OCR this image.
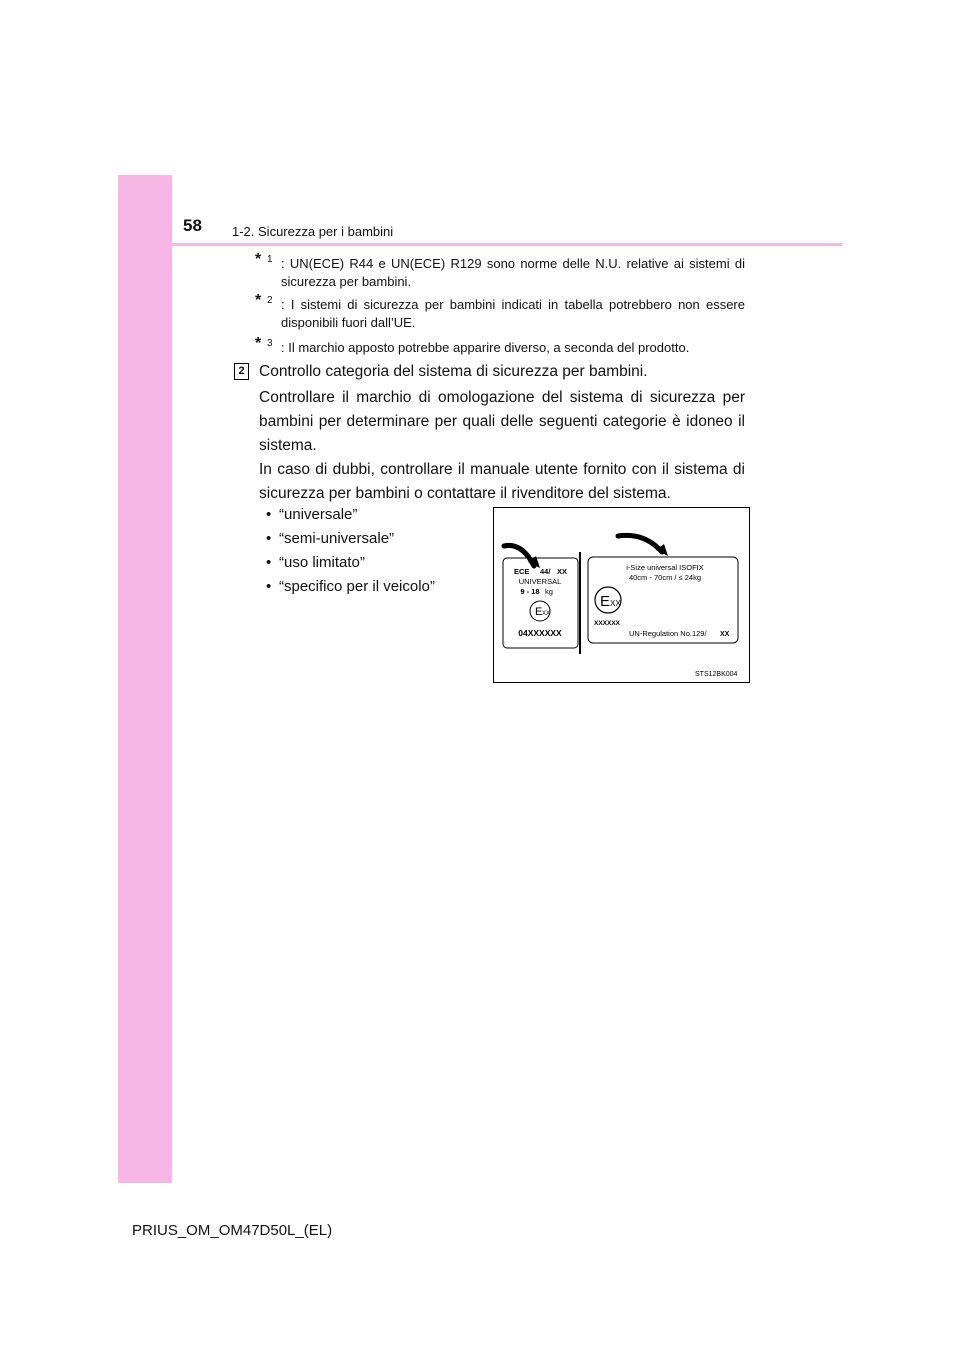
58 1-2. Sicurezza per i bambini
* 1 : UN(ECE) R44 e UN(ECE) R129 sono norme delle N.U. relative ai sistemi di sicurezza per bambini.
* 2 : I sistemi di sicurezza per bambini indicati in tabella potrebbero non essere disponibili fuori dall’UE.
* 3 : Il marchio apposto potrebbe apparire diverso, a seconda del prodotto.
2 Controllo categoria del sistema di sicurezza per bambini.
Controllare il marchio di omologazione del sistema di sicurezza per bambini per determinare per quali delle seguenti categorie è idoneo il sistema.
In caso di dubbi, controllare il manuale utente fornito con il sistema di sicurezza per bambini o contattare il rivenditore del sistema.
• “universale”
• “semi-universale”
• “uso limitato”
• “specifico per il veicolo”
ECE 44/ XX
UNIVERSAL
9 - 18 kg
E XX
04XXXXXX
i-Size universal ISOFIX
40cm - 70cm / ≤ 24kg
E XX
XXXXXX
UN-Regulation No.129/ XX
STS12BK004
PRIUS_OM_OM47D50L_(EL)
